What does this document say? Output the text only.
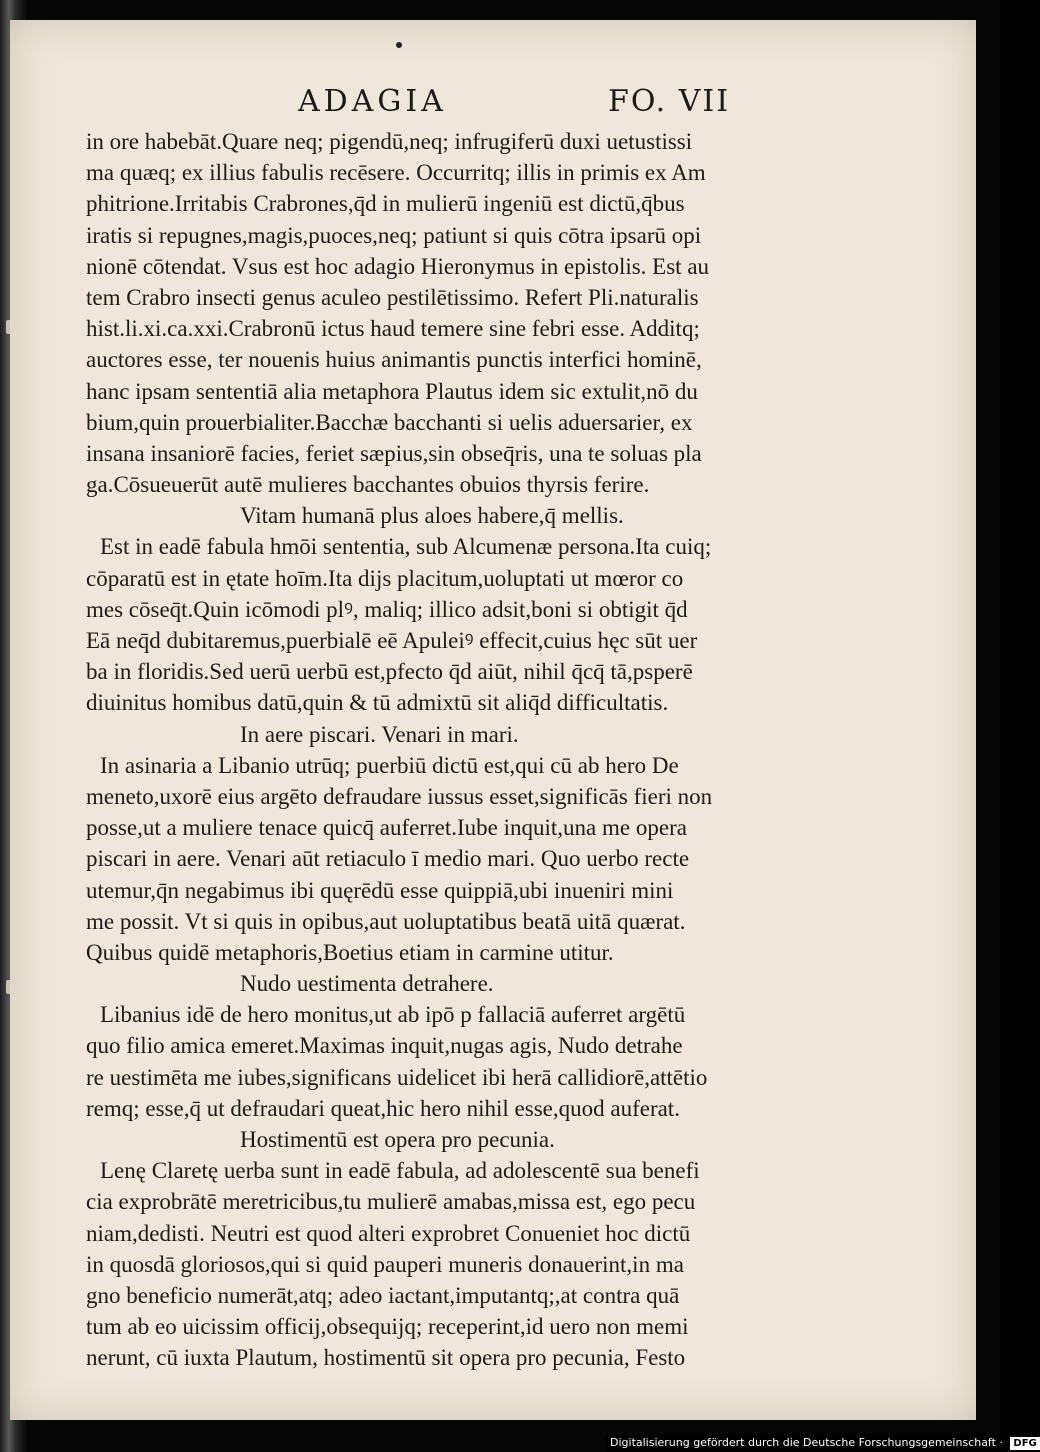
ADAGIA	FO. VII
in ore habebāt.Quare neq; pigendū,neq; infrugiferū duxi uetustissi
ma quæq; ex illius fabulis recēsere. Occurritq; illis in primis ex Am
phitrione.Irritabis Crabrones,q̄d in mulierū ingeniū est dictū,q̄bus
iratis si repugnes,magis,puoces,neq; patiunt si quis cōtra ipsarū opi
nionē cōtendat. Vsus est hoc adagio Hieronymus in epistolis. Est au
tem Crabro insecti genus aculeo pestilētissimo. Refert Pli.naturalis
hist.li.xi.ca.xxi.Crabronū ictus haud temere sine febri esse. Additq;
auctores esse, ter nouenis huius animantis punctis interfici hominē,
hanc ipsam sententiā alia metaphora Plautus idem sic extulit,nō du
bium,quin prouerbialiter.Bacchæ bacchanti si uelis aduersarier, ex
insana insaniorē facies, feriet sæpius,sin obseq̄ris, una te soluas pla
ga.Cōsueuerūt autē mulieres bacchantes obuios thyrsis ferire.
Vitam humanā plus aloes habere,q̄ mellis.
Est in eadē fabula hmōi sententia, sub Alcumenæ persona.Ita cuiq;
cōparatū est in ętate hoīm.Ita dijs placitum,uoluptati ut mœror co
mes cōseq̄t.Quin icōmodi plꝰ, maliq; illico adsit,boni si obtigit q̄d
Eā neq̄d dubitaremus,puerbialē eē Apuleiꝰ effecit,cuius hęc sūt uer
ba in floridis.Sed uerū uerbū est,pfecto q̄d aiūt, nihil q̄cq̄ tā,psperē
diuinitus homibus datū,quin & tū admixtū sit aliq̄d difficultatis.
In aere piscari. Venari in mari.
In asinaria a Libanio utrūq; puerbiū dictū est,qui cū ab hero De
meneto,uxorē eius argēto defraudare iussus esset,significās fieri non
posse,ut a muliere tenace quicq̄ auferret.Iube inquit,una me opera
piscari in aere. Venari aūt retiaculo ī medio mari. Quo uerbo recte
utemur,q̄n negabimus ibi quęrēdū esse quippiā,ubi inueniri mini
me possit. Vt si quis in opibus,aut uoluptatibus beatā uitā quærat.
Quibus quidē metaphoris,Boetius etiam in carmine utitur.
Nudo uestimenta detrahere.
Libanius idē de hero monitus,ut ab ipō p fallaciā auferret argētū
quo filio amica emeret.Maximas inquit,nugas agis, Nudo detrahe
re uestimēta me iubes,significans uidelicet ibi herā callidiorē,attētio
remq; esse,q̄ ut defraudari queat,hic hero nihil esse,quod auferat.
Hostimentū est opera pro pecunia.
Lenę Claretę uerba sunt in eadē fabula, ad adolescentē sua benefi
cia exprobrātē meretricibus,tu mulierē amabas,missa est, ego pecu
niam,dedisti. Neutri est quod alteri exprobret Conueniet hoc dictū
in quosdā gloriosos,qui si quid pauperi muneris donauerint,in ma
gno beneficio numerāt,atq; adeo iactant,imputantq;,at contra quā
tum ab eo uicissim officij,obsequijq; receperint,id uero non memi
nerunt, cū iuxta Plautum, hostimentū sit opera pro pecunia, Festo
Digitalisierung gefördert durch die Deutsche Forschungsgemeinschaft · DFG
